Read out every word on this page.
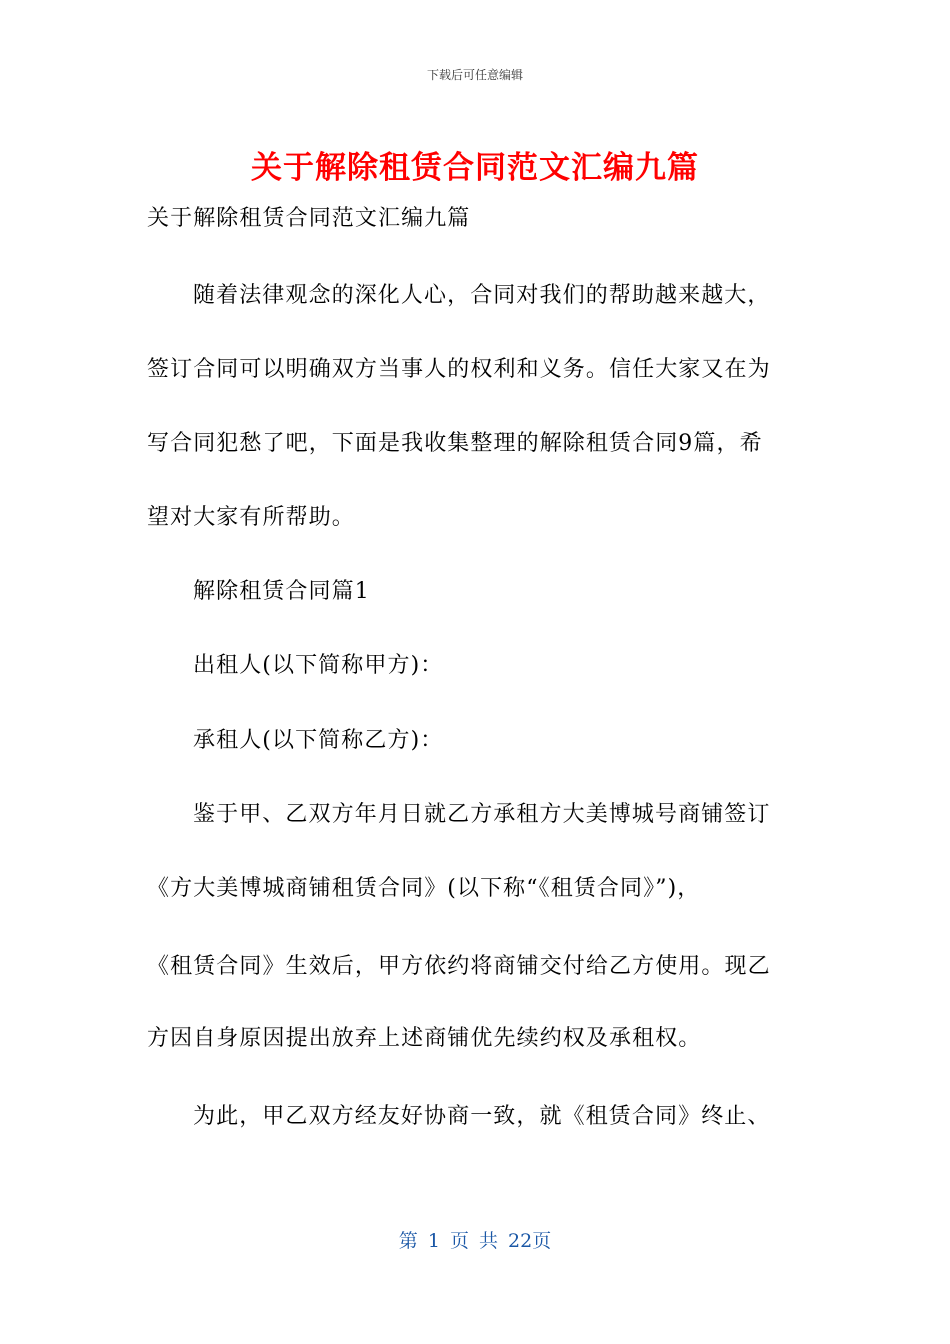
下载后可任意编辑
关于解除租赁合同范文汇编九篇
关于解除租赁合同范文汇编九篇
随着法律观念的深化人心，合同对我们的帮助越来越大，
签订合同可以明确双方当事人的权利和义务。信任大家又在为
写合同犯愁了吧，下面是我收集整理的解除租赁合同9篇，希
望对大家有所帮助。
解除租赁合同篇1
出租人(以下简称甲方)：
承租人(以下简称乙方)：
鉴于甲、乙双方年月日就乙方承租方大美博城号商铺签订
《方大美博城商铺租赁合同》(以下称“《租赁合同》”)，
《租赁合同》生效后，甲方依约将商铺交付给乙方使用。现乙
方因自身原因提出放弃上述商铺优先续约权及承租权。
为此，甲乙双方经友好协商一致，就《租赁合同》终止、
第 1 页 共 22页
